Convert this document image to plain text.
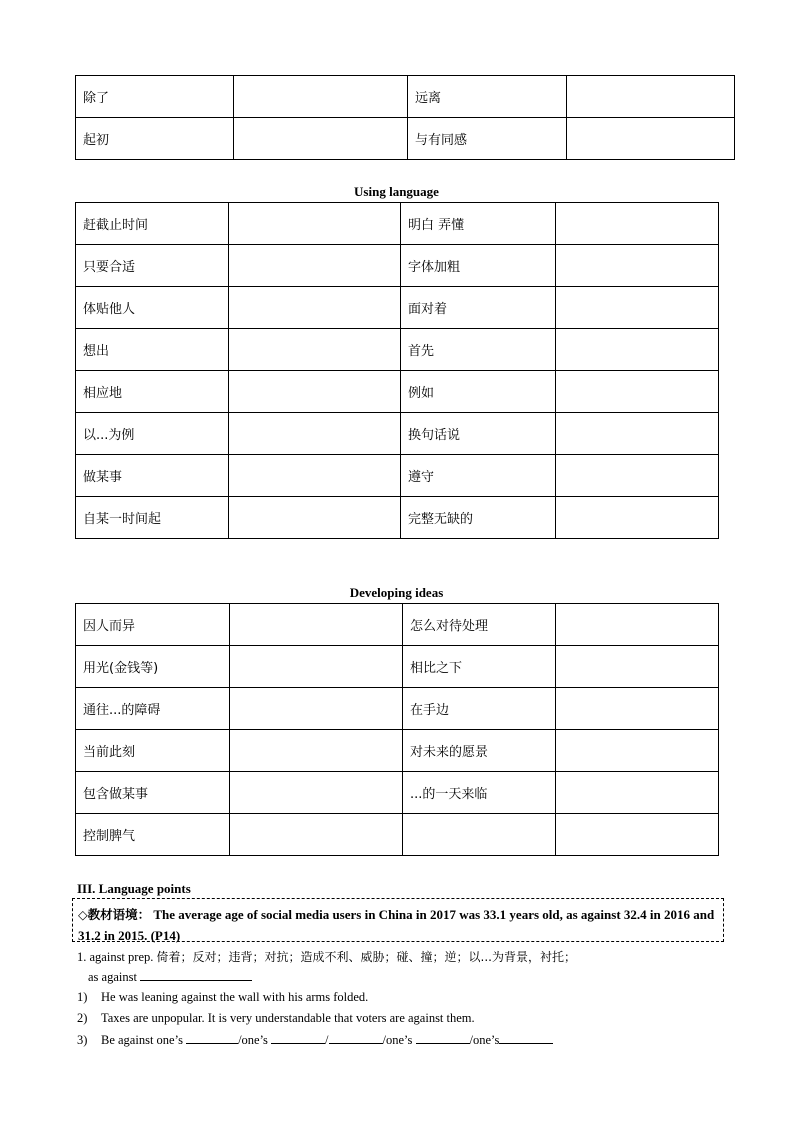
除了		远离	
起初		与有同感	
Using language
赶截止时间		明白 弄懂	
只要合适		字体加粗	
体贴他人		面对着	
想出		首先	
相应地		例如	
以...为例		换句话说	
做某事		遵守	
自某一时间起		完整无缺的	
Developing ideas
因人而异		怎么对待处理	
用光(金钱等)		相比之下	
通往...的障碍		在手边	
当前此刻		对未来的愿景	
包含做某事		...的一天来临	
控制脾气			
III. Language points
◇教材语境： The average age of social media users in China in 2017 was 33.1 years old, as against 32.4 in 2016 and 31.2 in 2015. (P14)
1. against prep. 倚着；反对；违背；对抗；造成不利、威胁；碰、撞；逆；以...为背景，衬托；
as against
1) He was leaning against the wall with his arms folded.
2) Taxes are unpopular. It is very understandable that voters are against them.
3) Be against one’s	/one’s	/	/one’s	/one’s
